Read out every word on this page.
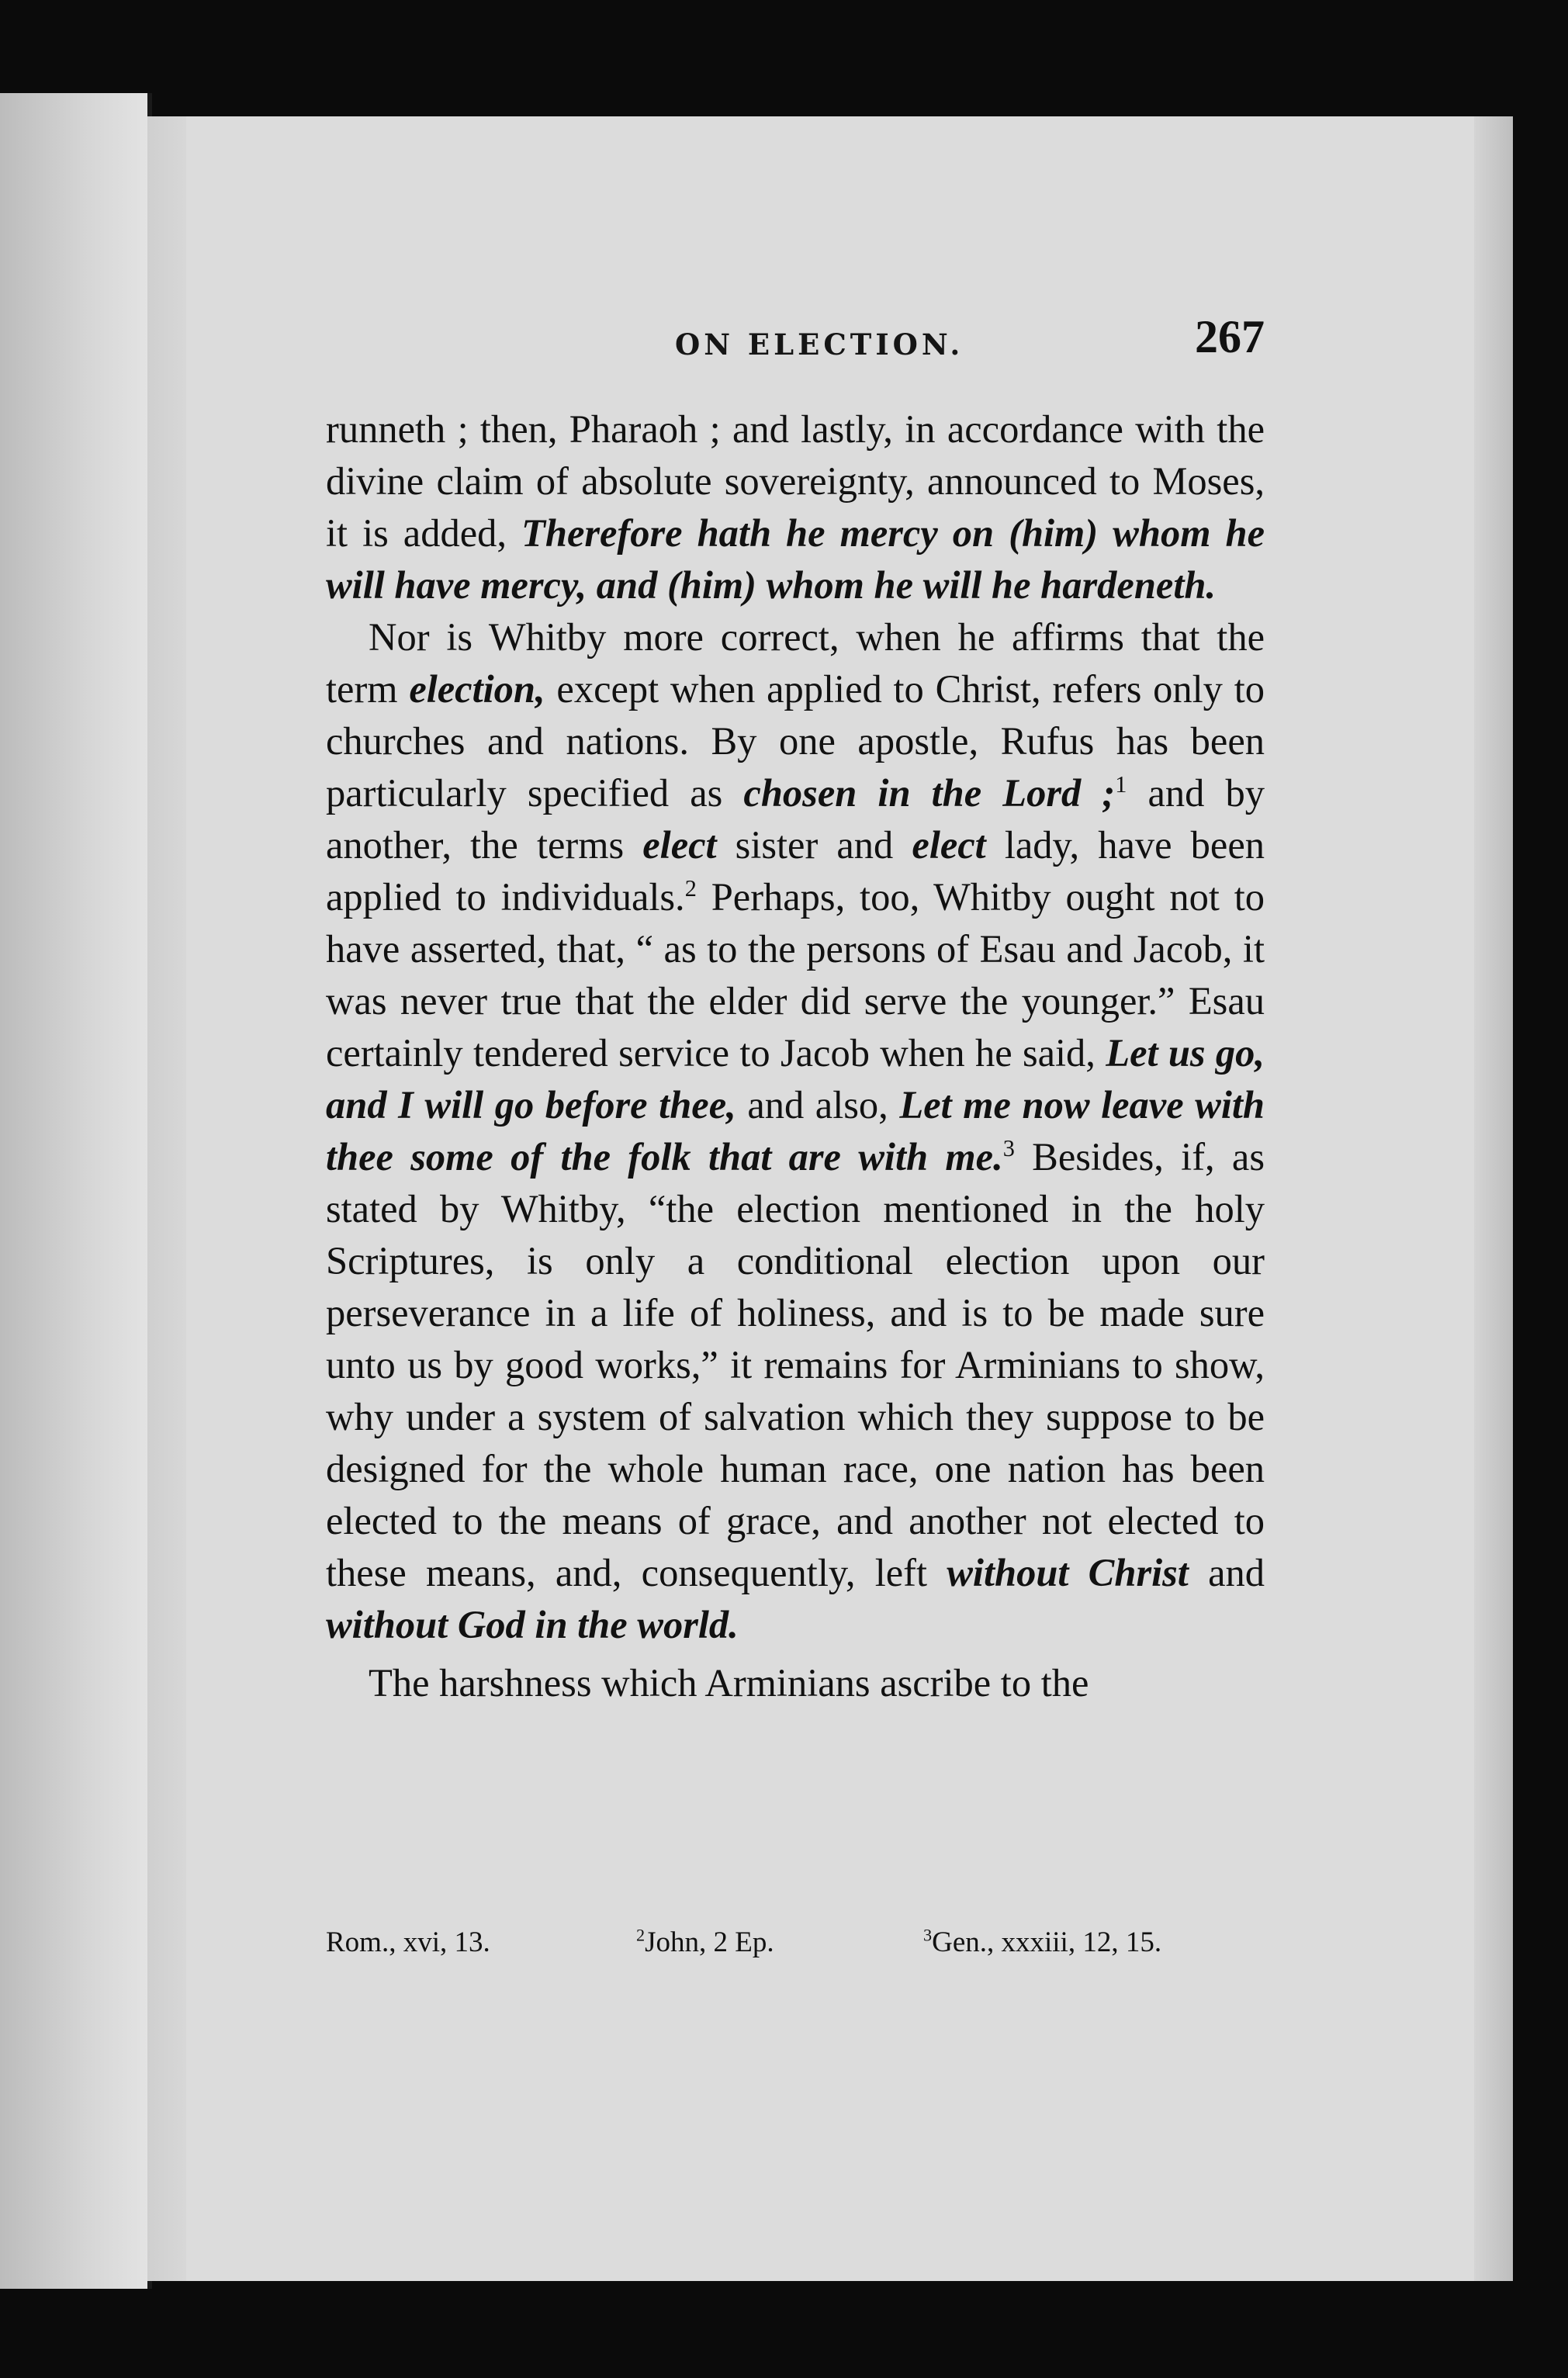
ON ELECTION.	267

runneth ; then, Pharaoh ; and lastly, in accordance with the divine claim of absolute sovereignty, announced to Moses, it is added, Therefore hath he mercy on (him) whom he will have mercy, and (him) whom he will he hardeneth.

Nor is Whitby more correct, when he affirms that the term election, except when applied to Christ, refers only to churches and nations. By one apostle, Rufus has been particularly specified as chosen in the Lord ;$^1$ and by another, the terms elect sister and elect lady, have been applied to individuals.$^2$ Perhaps, too, Whitby ought not to have asserted, that, “ as to the persons of Esau and Jacob, it was never true that the elder did serve the younger.” Esau certainly tendered service to Jacob when he said, Let us go, and I will go before thee, and also, Let me now leave with thee some of the folk that are with me.$^3$ Besides, if, as stated by Whitby, “the election mentioned in the holy Scriptures, is only a conditional election upon our perseverance in a life of holiness, and is to be made sure unto us by good works,” it remains for Arminians to show, why under a system of salvation which they suppose to be designed for the whole human race, one nation has been elected to the means of grace, and another not elected to these means, and, consequently, left without Christ and without God in the world.

The harshness which Arminians ascribe to the

Rom., xvi, 13.	$^2$John, 2 Ep.	$^3$Gen., xxxiii, 12, 15.
